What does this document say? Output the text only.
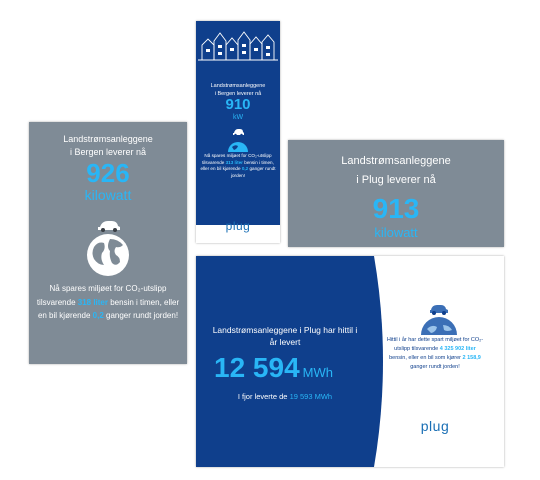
Landstrømsanleggene
i Bergen leverer nå
926
kilowatt
Nå spares miljøet for CO₂-utslipp tilsvarende 318 liter bensin i timen, eller en bil kjørende 0,2 ganger rundt jorden!
Landstrømsanleggene
i Bergen leverer nå
910
kW
Nå spares miljøet for CO₂-utslipp tilsvarende 313 liter bensin i timen, eller en bil kjørende 0,2 ganger rundt jorden!
plug
Landstrømsanleggene
i Plug leverer nå
913
kilowatt
Landstrømsanleggene i Plug har hittil i år levert
12 594 MWh
I fjor leverte de 19 593 MWh
Hittil i år har dette spart miljøet for CO₂-utslipp tilsvarende 4 325 902 liter bensin, eller en bil som kjører 2 158,9 ganger rundt jorden!
plug
